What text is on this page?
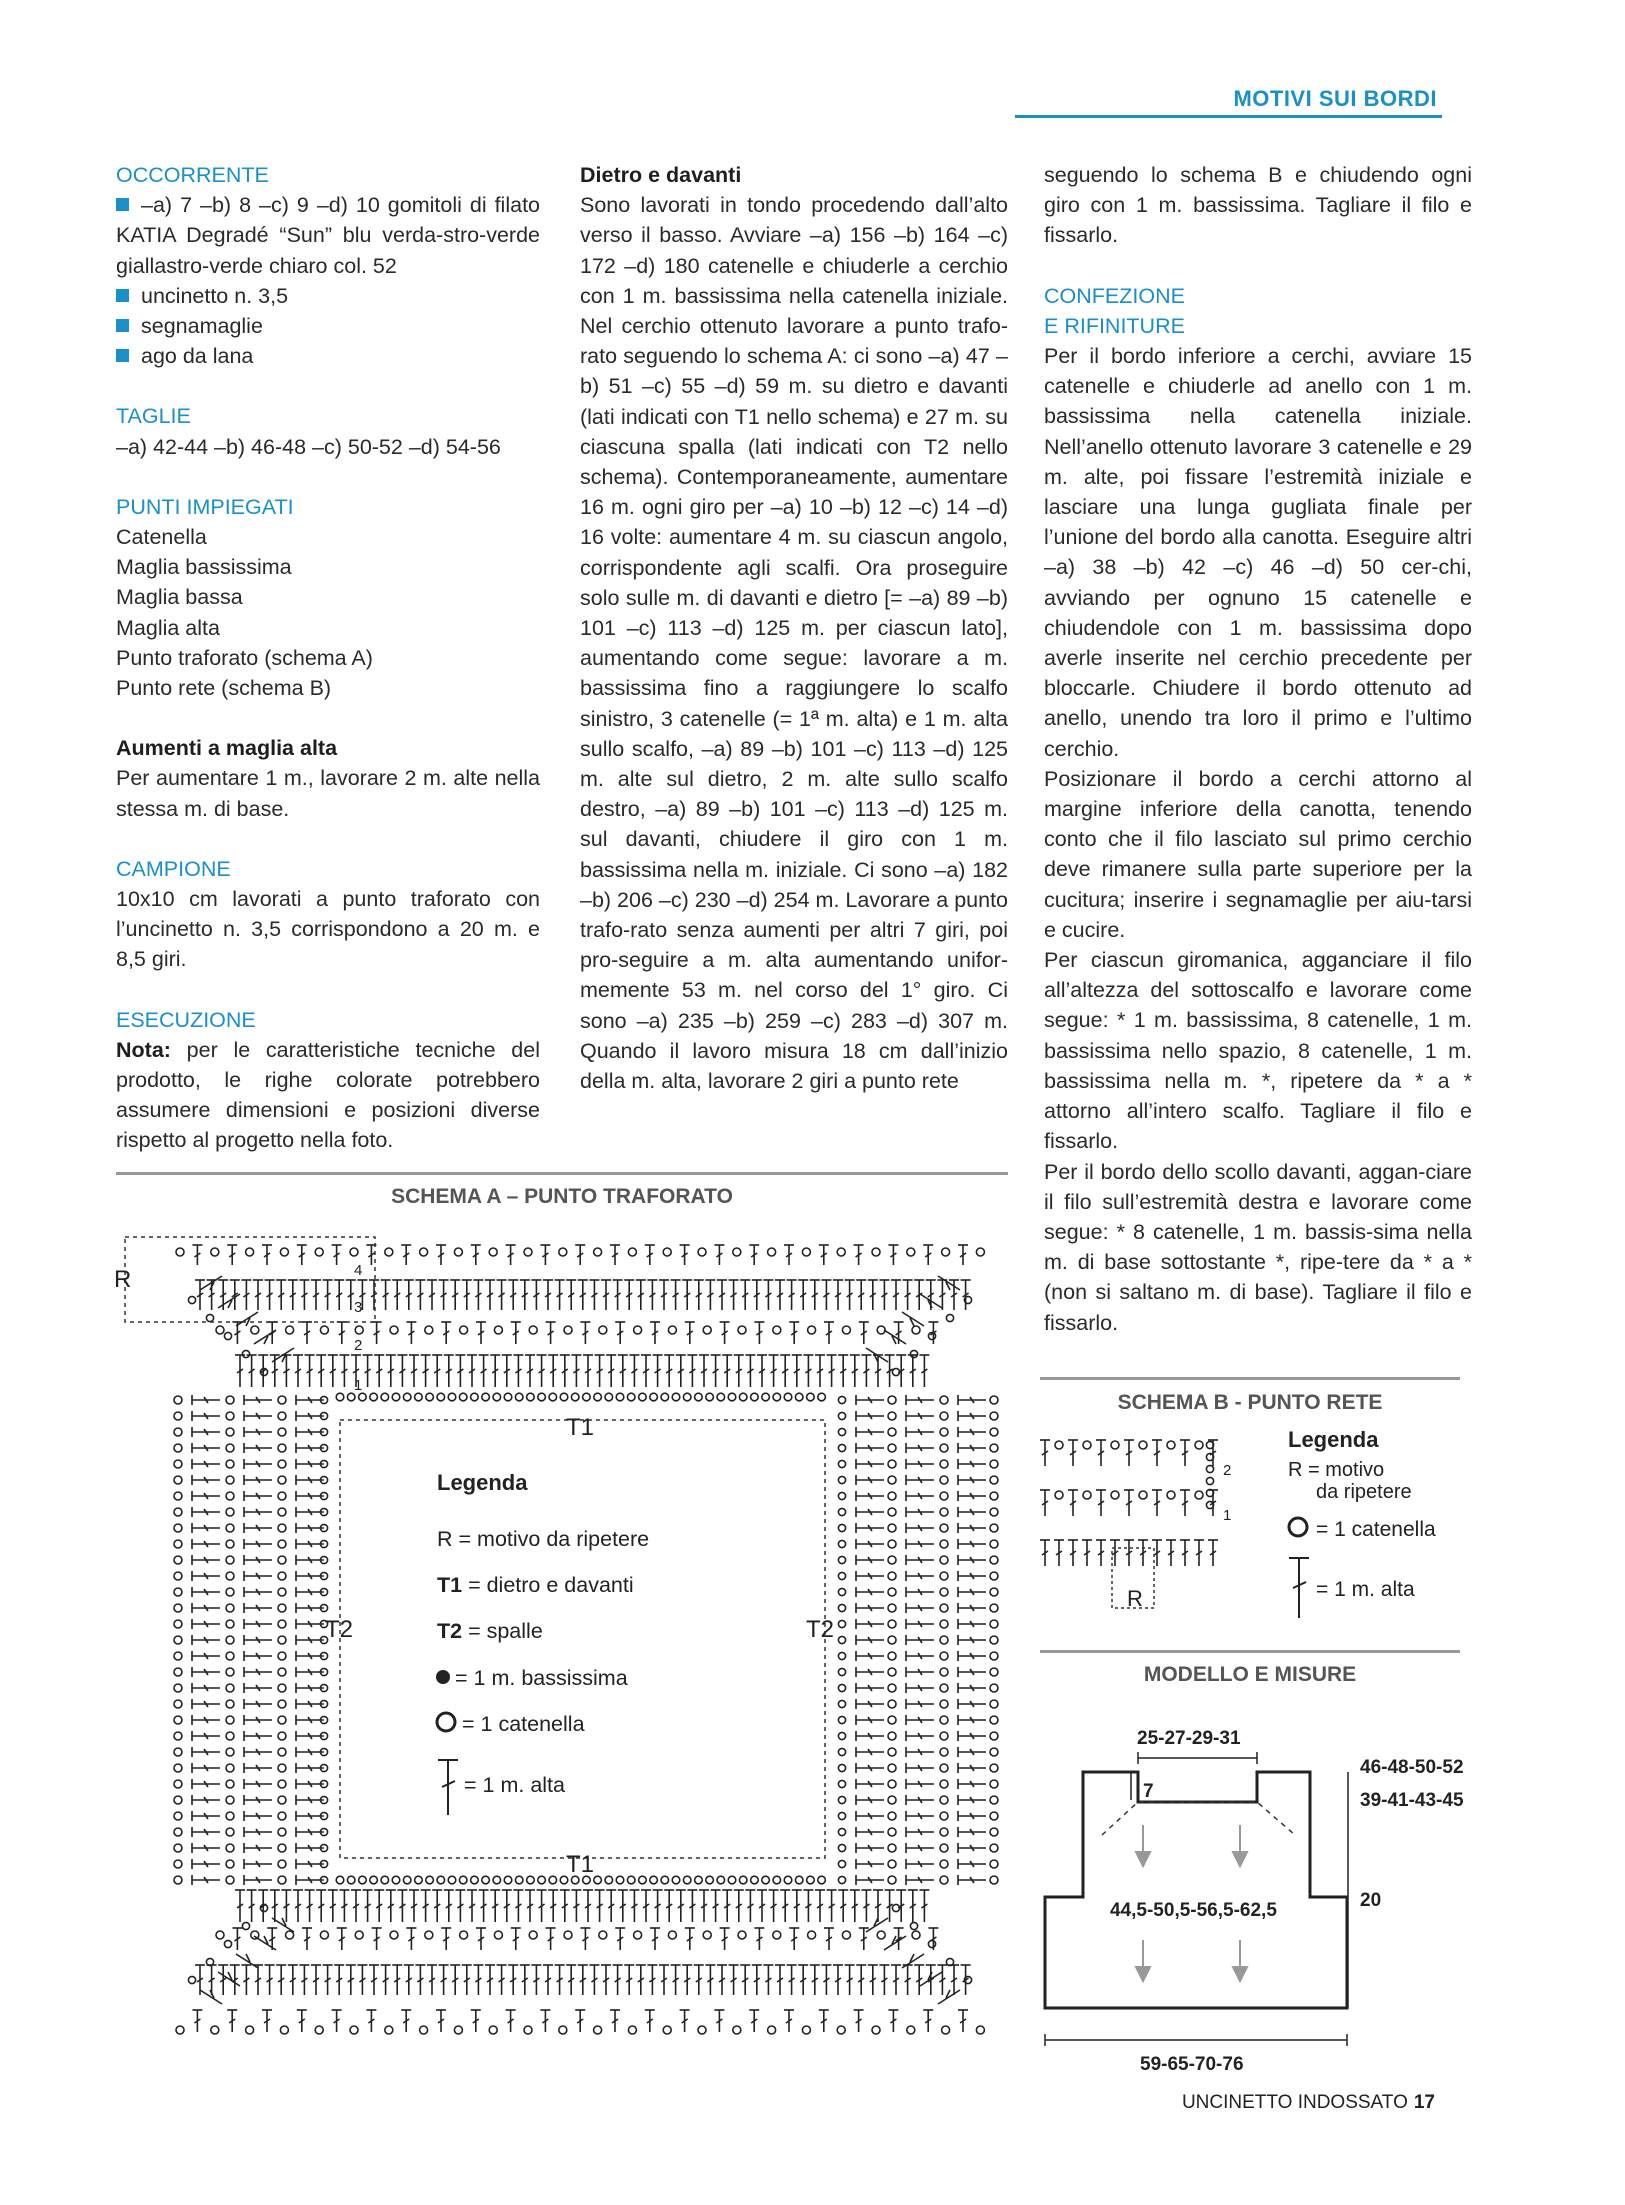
MOTIVI SUI BORDI

OCCORRENTE

–a) 7 –b) 8 –c) 9 –d) 10 gomitoli di filato KATIA Degradé “Sun” blu verda-stro-verde giallastro-verde chiaro col. 52

uncinetto n. 3,5

segnamaglie

ago da lana

TAGLIE

–a) 42-44 –b) 46-48 –c) 50-52 –d) 54-56

PUNTI IMPIEGATI

Catenella

Maglia bassissima

Maglia bassa

Maglia alta

Punto traforato (schema A)

Punto rete (schema B)

Aumenti a maglia alta

Per aumentare 1 m., lavorare 2 m. alte nella stessa m. di base.

CAMPIONE

10x10 cm lavorati a punto traforato con l’uncinetto n. 3,5 corrispondono a 20 m. e 8,5 giri.

ESECUZIONE

Nota: per le caratteristiche tecniche del prodotto, le righe colorate potrebbero assumere dimensioni e posizioni diverse rispetto al progetto nella foto.

Dietro e davanti

Sono lavorati in tondo procedendo dall’alto verso il basso. Avviare –a) 156 –b) 164 –c) 172 –d) 180 catenelle e chiuderle a cerchio con 1 m. bassissima nella catenella iniziale. Nel cerchio ottenuto lavorare a punto trafo-rato seguendo lo schema A: ci sono –a) 47 –b) 51 –c) 55 –d) 59 m. su dietro e davanti (lati indicati con T1 nello schema) e 27 m. su ciascuna spalla (lati indicati con T2 nello schema). Contemporaneamente, aumentare 16 m. ogni giro per –a) 10 –b) 12 –c) 14 –d) 16 volte: aumentare 4 m. su ciascun angolo, corrispondente agli scalfi. Ora proseguire solo sulle m. di davanti e dietro [= –a) 89 –b) 101 –c) 113 –d) 125 m. per ciascun lato], aumentando come segue: lavorare a m. bassissima fino a raggiungere lo scalfo sinistro, 3 catenelle (= 1ª m. alta) e 1 m. alta sullo scalfo, –a) 89 –b) 101 –c) 113 –d) 125 m. alte sul dietro, 2 m. alte sullo scalfo destro, –a) 89 –b) 101 –c) 113 –d) 125 m. sul davanti, chiudere il giro con 1 m. bassissima nella m. iniziale. Ci sono –a) 182 –b) 206 –c) 230 –d) 254 m. Lavorare a punto trafo-rato senza aumenti per altri 7 giri, poi pro-seguire a m. alta aumentando unifor-memente 53 m. nel corso del 1° giro. Ci sono –a) 235 –b) 259 –c) 283 –d) 307 m. Quando il lavoro misura 18 cm dall’inizio della m. alta, lavorare 2 giri a punto rete

seguendo lo schema B e chiudendo ogni giro con 1 m. bassissima. Tagliare il filo e fissarlo.

CONFEZIONE

E RIFINITURE

Per il bordo inferiore a cerchi, avviare 15 catenelle e chiuderle ad anello con 1 m. bassissima nella catenella iniziale. Nell’anello ottenuto lavorare 3 catenelle e 29 m. alte, poi fissare l’estremità iniziale e lasciare una lunga gugliata finale per l’unione del bordo alla canotta. Eseguire altri –a) 38 –b) 42 –c) 46 –d) 50 cer-chi, avviando per ognuno 15 catenelle e chiudendole con 1 m. bassissima dopo averle inserite nel cerchio precedente per bloccarle. Chiudere il bordo ottenuto ad anello, unendo tra loro il primo e l’ultimo cerchio.

Posizionare il bordo a cerchi attorno al margine inferiore della canotta, tenendo conto che il filo lasciato sul primo cerchio deve rimanere sulla parte superiore per la cucitura; inserire i segnamaglie per aiu-tarsi e cucire.

Per ciascun giromanica, agganciare il filo all’altezza del sottoscalfo e lavorare come segue: * 1 m. bassissima, 8 catenelle, 1 m. bassissima nello spazio, 8 catenelle, 1 m. bassissima nella m. *, ripetere da * a * attorno all’intero scalfo. Tagliare il filo e fissarlo.

Per il bordo dello scollo davanti, aggan-ciare il filo sull’estremità destra e lavorare come segue: * 8 catenelle, 1 m. bassis-sima nella m. di base sottostante *, ripe-tere da * a * (non si saltano m. di base). Tagliare il filo e fissarlo.

SCHEMA A – PUNTO TRAFORATO
R
T1
T1
T2	T2
1
2
3
4
Legenda
R = motivo da ripetere
T1 = dietro e davanti
T2 = spalle
= 1 m. bassissima
= 1 catenella
= 1 m. alta
SCHEMA B - PUNTO RETE
R
1
2
Legenda
R = motivo
da ripetere
= 1 catenella
= 1 m. alta
MODELLO E MISURE
25-27-29-31
7
46-48-50-52
39-41-43-45
44,5-50,5-56,5-62,5	20
59-65-70-76
UNCINETTO INDOSSATO 17
